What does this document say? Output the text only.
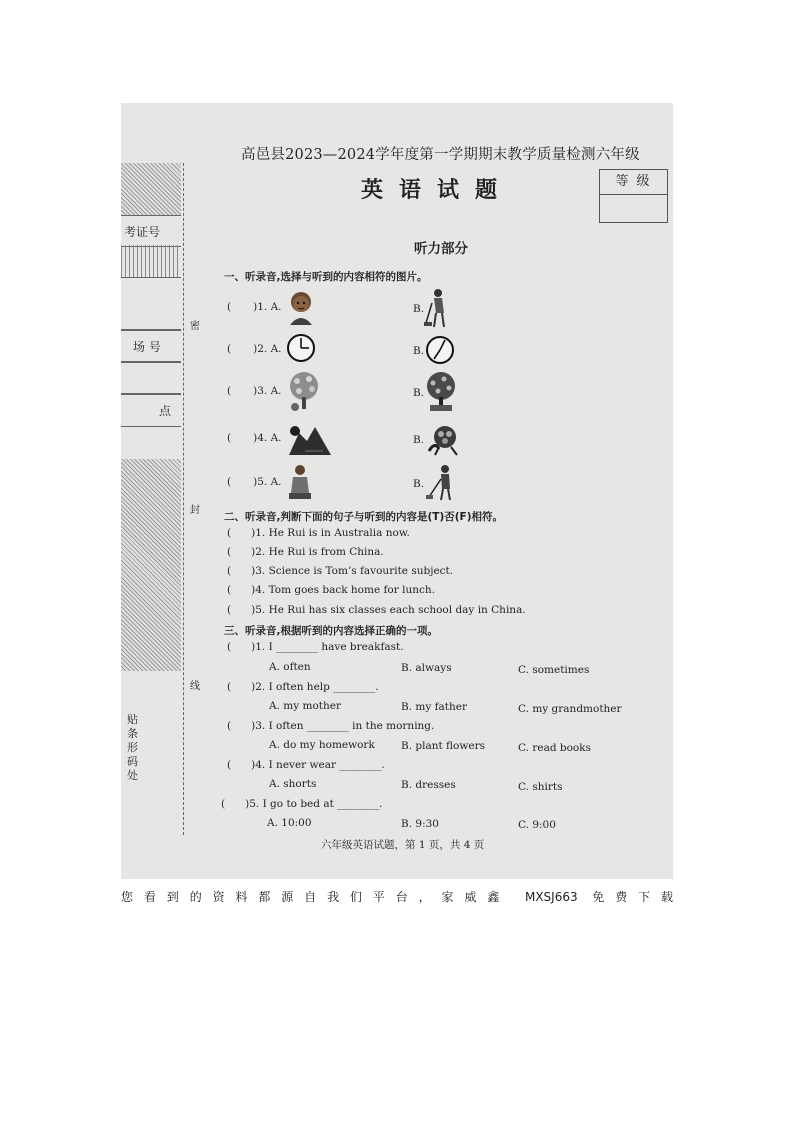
考证号
场 号
点
贴条形码处
密
封
线
高邑县2023—2024学年度第一学期期末教学质量检测六年级
英语试题	等级
听力部分
一、听录音,选择与听到的内容相符的图片。
( )1. A.	B.
( )2. A.	B.
( )3. A.	B.
( )4. A.	B.
( )5. A.	B.
二、听录音,判断下面的句子与听到的内容是(T)否(F)相符。
( )1. He Rui is in Australia now.
( )2. He Rui is from China.
( )3. Science is Tom’s favourite subject.
( )4. Tom goes back home for lunch.
( )5. He Rui has six classes each school day in China.
三、听录音,根据听到的内容选择正确的一项。
( )1. I ________ have breakfast.
A. often	B. always	C. sometimes
( )2. I often help ________.
A. my mother	B. my father	C. my grandmother
( )3. I often ________ in the morning.
A. do my homework B. plant flowers	C. read books
( )4. I never wear ________.
A. shorts	B. dresses	C. shirts
( )5. I go to bed at ________.
A. 10:00	B. 9:30	C. 9:00
六年级英语试题，第 1 页，共 4 页
您看到的资料都源自我们平台，家威鑫 MXSJ663 免费下载
